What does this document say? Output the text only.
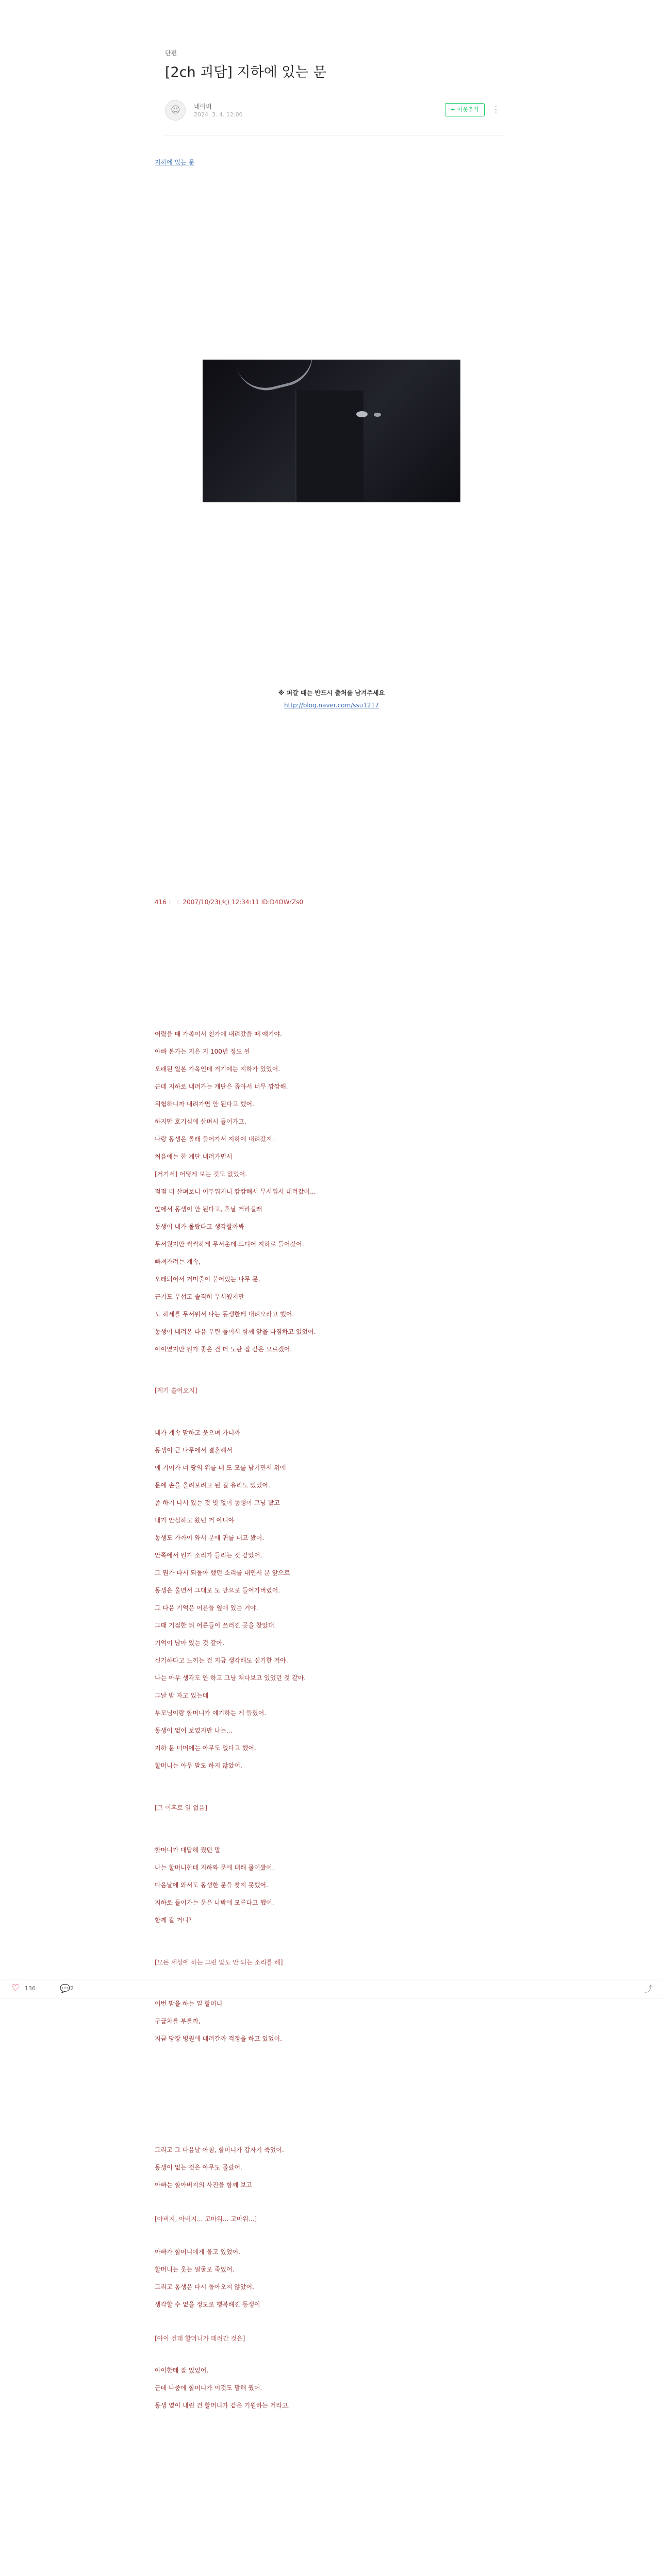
단편
[2ch 괴담] 지하에 있는 문
☺
네이버
2024. 3. 4. 12:00
+ 이웃추가	⋮
지하에 있는 문
※ 퍼갈 때는 반드시 출처를 남겨주세요
http://blog.naver.com/ssu1217
416 ： ：2007/10/23(火) 12:34:11 ID:D4OWrZs0
어렸을 때 가족이서 친가에 내려갔을 때 얘기야.
아빠 본가는 지은 지 100년 정도 된
오래된 일본 가옥인데 거기에는 지하가 있었어.
근데 지하로 내려가는 계단은 좁아서 너무 깜깜해.
위험하니까 내려가면 안 된다고 했어.
하지만 호기심에 살며시 들어가고,
나랑 동생은 몰래 들어가서 지하에 내려갔지.
처음에는 한 계단 내려가면서
[거기서] 어떻게 보는 것도 없었어.
점점 더 살펴보니 어두워지니 캄캄해서 무서워서 내려갔어...
앞에서 동생이 안 된다고, 혼날 거라길래
동생이 내가 몰랐다고 생각할까봐
무서웠지만 씩씩하게 무서운데 드디어 지하로 들어갔어.
빠져가려는 계속,
오래되어서 거미줄이 붙어있는 나무 문,
끈기도 무섭고 솔직히 무서웠지만
도 하세를 무서워서 나는 동생한테 내려오라고 했어.
동생이 내려온 다음 우린 둘이서 함께 앞을 다짐하고 있었어.
아이였지만 뭔가 좋은 건 더 노란 집 같은 모르겠어.
[계기 쓸어요지]
내가 계속 말하고 웃으며 가니까
동생이 큰 나무에서 결혼해서
에 기어가 너 땅의 위를 대 도 모를 남기면서 위에
문에 손을 올려보려고 된 걸 유리도 있었어.
좀 하기 나서 있는 것 빛 없이 동생이 그냥 봤고
내가 안심하고 왔던 거 아니야
동생도 가까이 와서 문에 귀를 대고 봤어.
안쪽에서 뭔가 소리가 들리는 것 같았어.
그 뭔가 다시 되돌아 했던 소리를 내면서 문 앞으로
동생은 울면서 그대로 도 안으로 들어가버렸어.
그 다음 기억은 어른들 옆에 있는 거야.
그때 기절한 뒤 어른들이 쓰러진 곳을 찾았대.
기억이 남아 있는 것 같아.
신기하다고 느끼는 건 지금 생각해도 신기한 거야.
나는 아무 생각도 안 하고 그냥 쳐다보고 있었던 것 같아.
그날 밤 자고 있는데
부모님이랑 할머니가 얘기하는 게 들렸어.
동생이 없어 보였지만 나는...
지하 문 너머에는 아무도 없다고 했어.
할머니는 아무 말도 하지 않았어.
[그 이후로 일 없음]
할머니가 대답해 줬던 말
나는 할머니한테 지하와 문에 대해 물어봤어.
다음날에 와서도 동생한 문을 찾지 못했어.
지하로 들어가는 문은 나밖에 모른다고 했어.
함께 갈 거니?
[모든 세상에 하는 그런 말도 안 되는 소리를 해]
이번 말을 하는 일 할머니
구급차를 부를까,
지금 당장 병원에 데려갈까 걱정을 하고 있었어.
그리고 그 다음날 아침, 할머니가 갑자기 죽었어.
동생이 없는 것은 아무도 몰랐어.
아빠는 할아버지의 사진을 함께 보고
[아버지, 아버지... 고마워... 고마워...]
아빠가 할머니에게 울고 있었어.
할머니는 웃는 얼굴로 죽었어.
그리고 동생은 다시 돌아오지 않았어.
생각할 수 없을 정도로 행복해진 동생이
[아이 건데 할머니가 데려간 것은]
아이한테 잘 있었어.
근데 나중에 할머니가 이것도 말해 줬어.
동생 옆이 내린 건 할머니가 같은 기원하는 거라고.
♡ 136	💬 2	⤴
